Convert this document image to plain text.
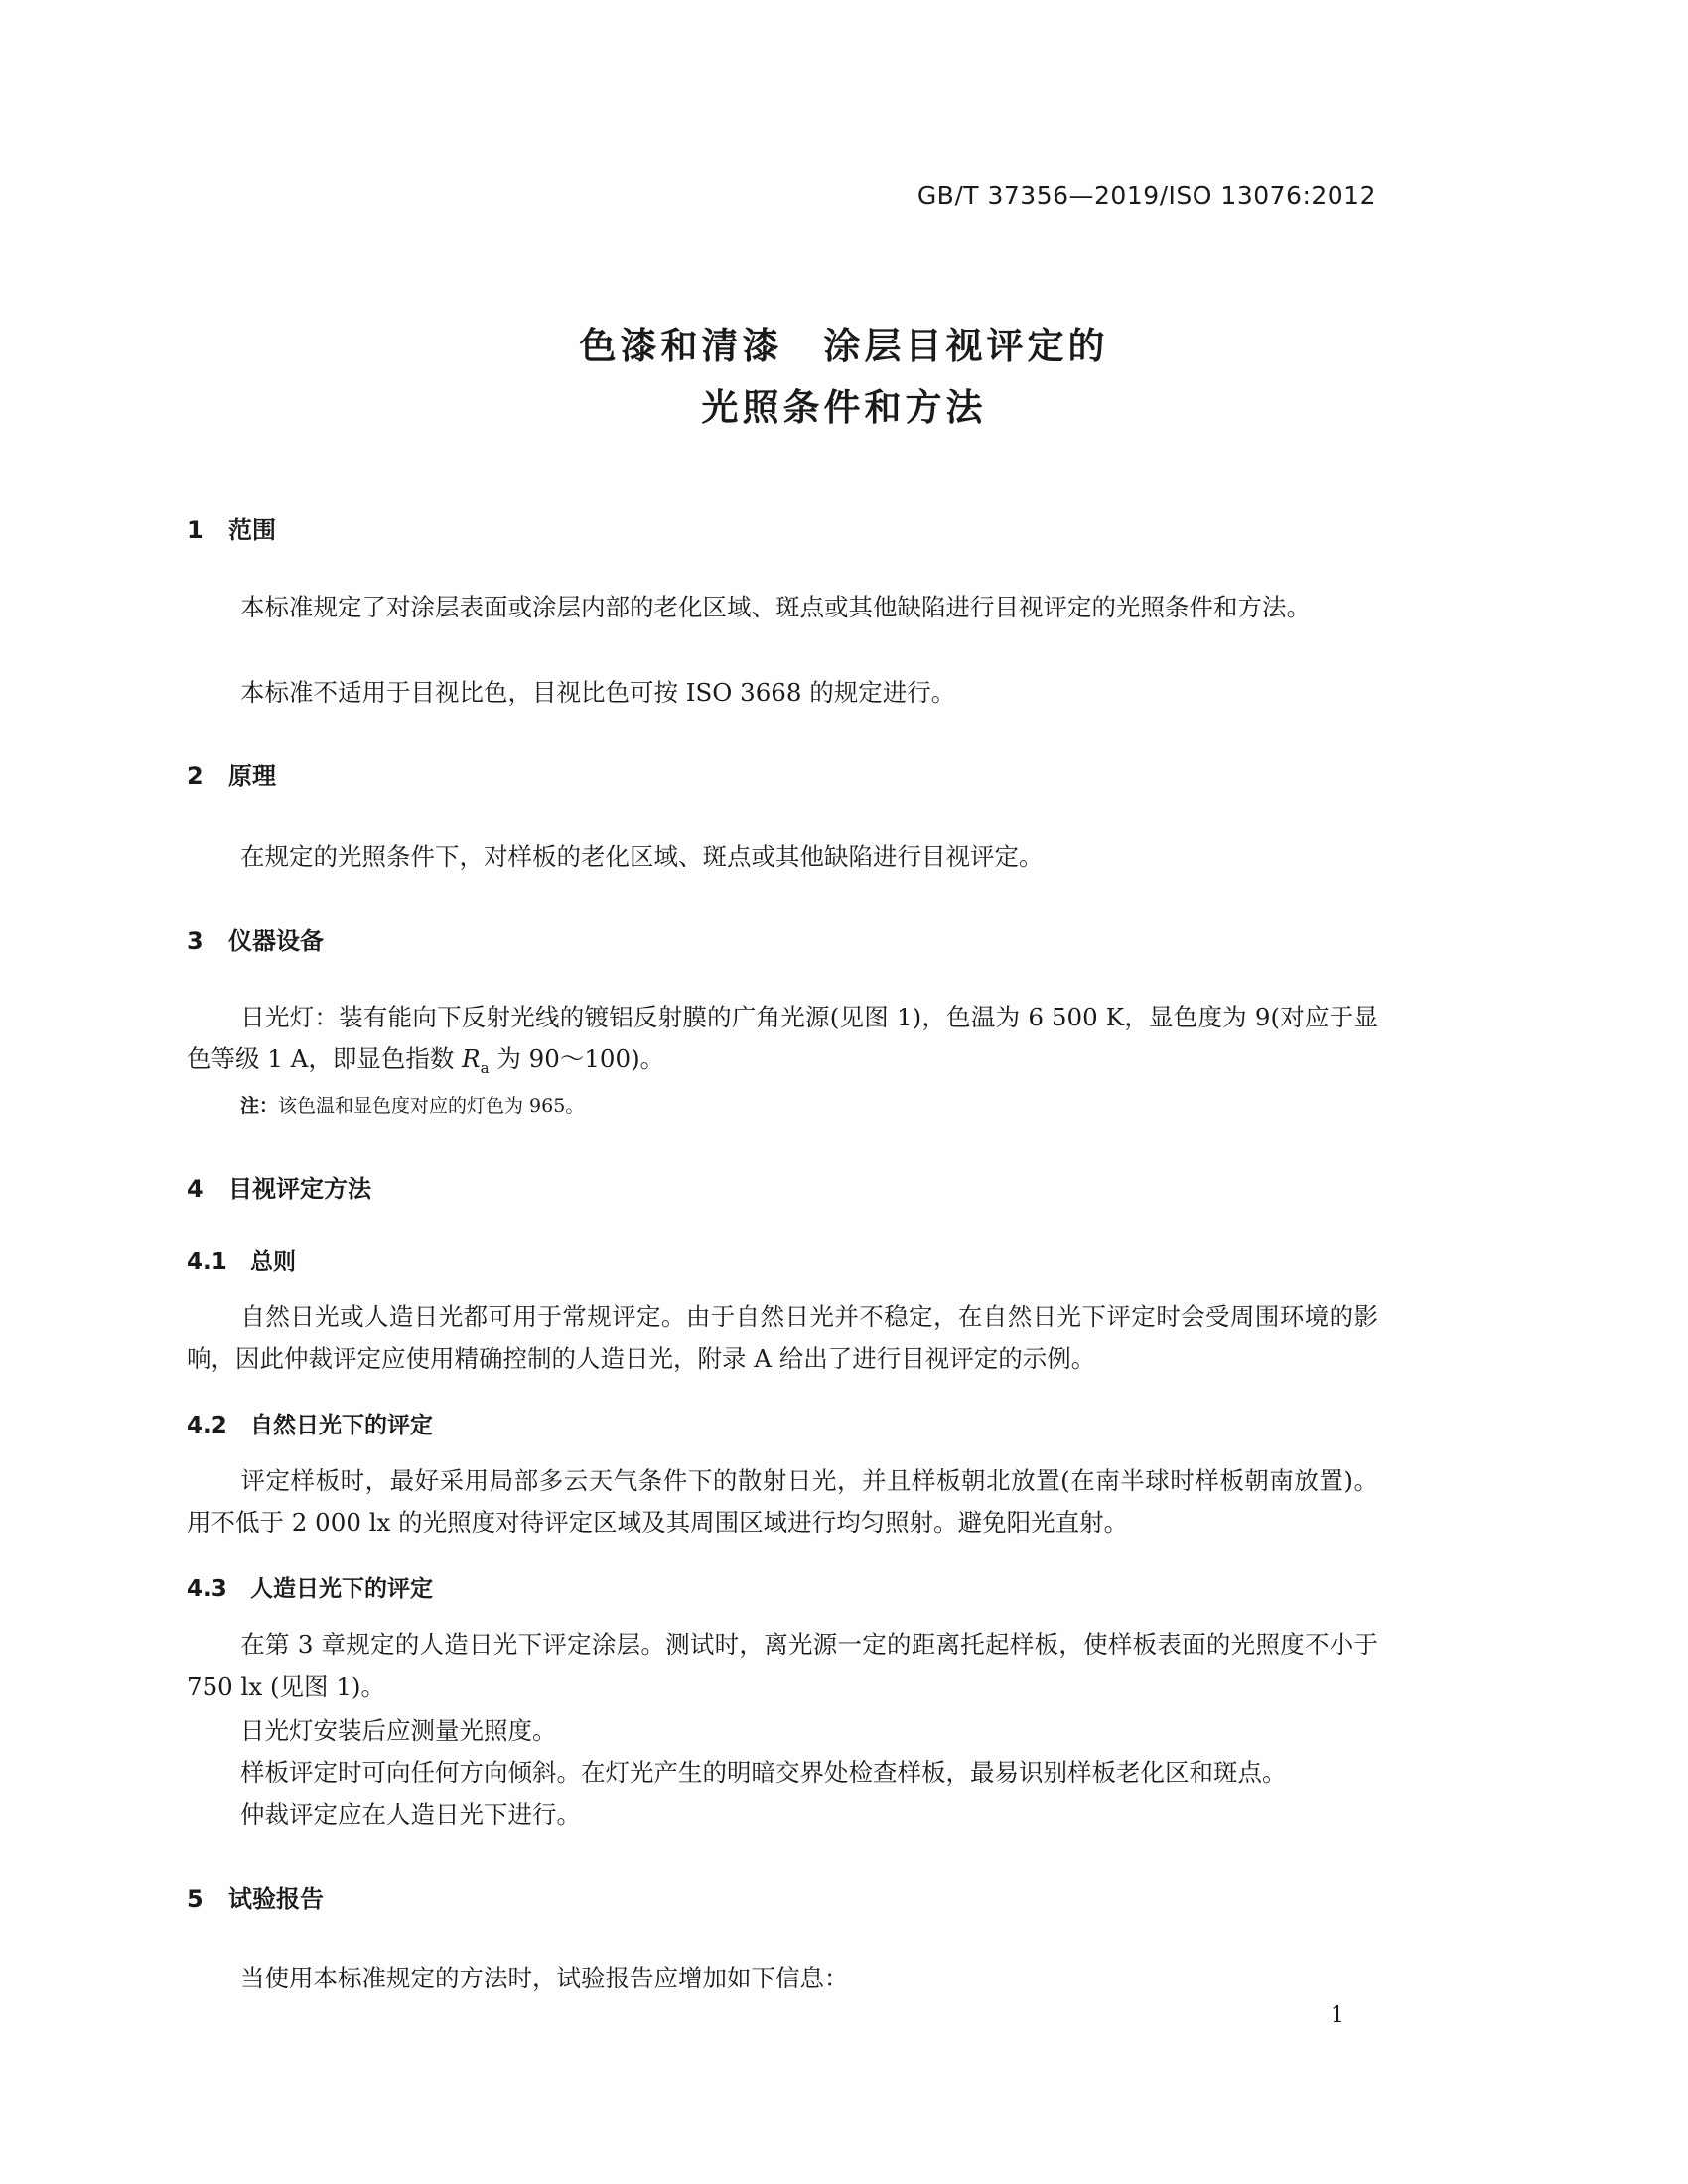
GB/T 37356—2019/ISO 13076:2012
色漆和清漆　涂层目视评定的
光照条件和方法
1 范围
本标准规定了对涂层表面或涂层内部的老化区域、斑点或其他缺陷进行目视评定的光照条件和方法。
本标准不适用于目视比色，目视比色可按 ISO 3668 的规定进行。
2 原理
在规定的光照条件下，对样板的老化区域、斑点或其他缺陷进行目视评定。
3 仪器设备
日光灯：装有能向下反射光线的镀铝反射膜的广角光源(见图 1)，色温为 6 500 K，显色度为 9(对应于显色等级 1 A，即显色指数 $R_a$ 为 90～100)。
注：该色温和显色度对应的灯色为 965。
4 目视评定方法
4.1 总则
自然日光或人造日光都可用于常规评定。由于自然日光并不稳定，在自然日光下评定时会受周围环境的影响，因此仲裁评定应使用精确控制的人造日光，附录 A 给出了进行目视评定的示例。
4.2 自然日光下的评定
评定样板时，最好采用局部多云天气条件下的散射日光，并且样板朝北放置(在南半球时样板朝南放置)。用不低于 2 000 lx 的光照度对待评定区域及其周围区域进行均匀照射。避免阳光直射。
4.3 人造日光下的评定
在第 3 章规定的人造日光下评定涂层。测试时，离光源一定的距离托起样板，使样板表面的光照度不小于 750 lx (见图 1)。
日光灯安装后应测量光照度。
样板评定时可向任何方向倾斜。在灯光产生的明暗交界处检查样板，最易识别样板老化区和斑点。
仲裁评定应在人造日光下进行。
5 试验报告
当使用本标准规定的方法时，试验报告应增加如下信息：
1
